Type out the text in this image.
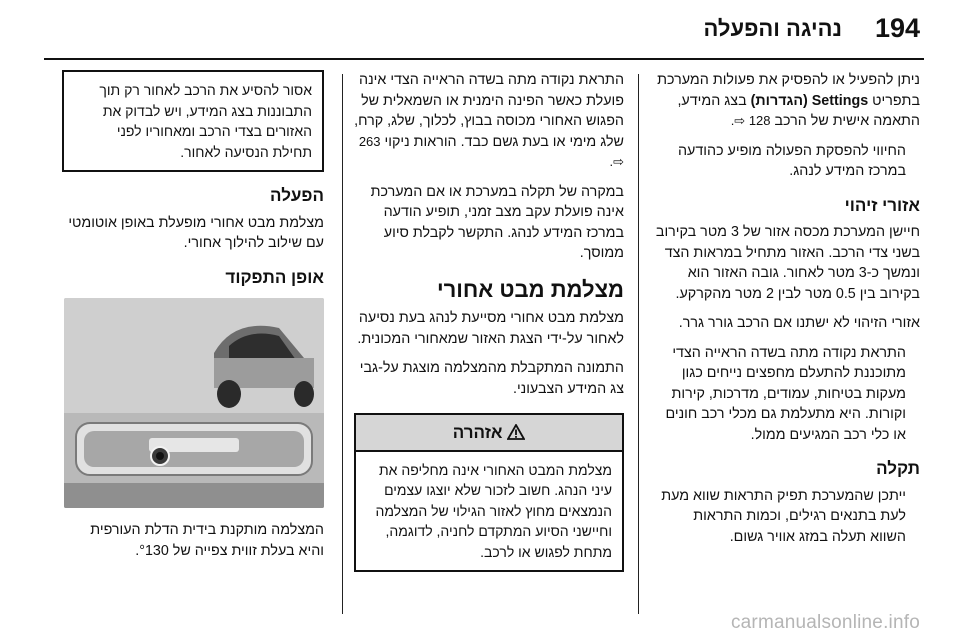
194
נהיגה והפעלה

ניתן להפעיל או להפסיק את פעולות המערכת בתפריט Settings (הגדרות) בצג המידע, התאמה אישית של הרכב 128 ⇨.

החיווי להפסקת הפעולה מופיע כהודעה במרכז המידע לנהג.

אזורי זיהוי

חיישן המערכת מכסה אזור של 3 מטר בקירוב בשני צדי הרכב. האזור מתחיל במראות הצד ונמשך כ-3 מטר לאחור. גובה האזור הוא בקירוב בין 0.5 מטר לבין 2 מטר מהקרקע.

אזורי הזיהוי לא ישתנו אם הרכב גורר גרר.

התראת נקודה מתה בשדה הראייה הצדי מתוכננת להתעלם מחפצים נייחים כגון מעקות בטיחות, עמודים, מדרכות, קירות וקורות. היא מתעלמת גם מכלי רכב חונים או כלי רכב המגיעים ממול.

תקלה

ייתכן שהמערכת תפיק התראות שווא מעת לעת בתנאים רגילים, וכמות התראות השווא תעלה במזג אוויר גשום.

התראת נקודה מתה בשדה הראייה הצדי אינה פועלת כאשר הפינה הימנית או השמאלית של הפגוש האחורי מכוסה בבוץ, לכלוך, שלג, קרח, שלג מימי או בעת גשם כבד. הוראות ניקוי 263 ⇨.

במקרה של תקלה במערכת או אם המערכת אינה פועלת עקב מצב זמני, תופיע הודעה במרכז המידע לנהג. התקשר לקבלת סיוע ממוסך.

מצלמת מבט אחורי

מצלמת מבט אחורי מסייעת לנהג בעת נסיעה לאחור על-ידי הצגת האזור שמאחורי המכונית.

התמונה המתקבלת מהמצלמה מוצגת על-גבי צג המידע הצבעוני.

אזהרה
מצלמת המבט האחורי אינה מחליפה את עיני הנהג. חשוב לזכור שלא יוצגו עצמים הנמצאים מחוץ לאזור הגילוי של המצלמה וחיישני הסיוע המתקדם לחניה, לדוגמה, מתחת לפגוש או לרכב.
אסור להסיע את הרכב לאחור רק תוך התבוננות בצג המידע, ויש לבדוק את האזורים בצדי הרכב ומאחוריו לפני תחילת הנסיעה לאחור.
הפעלה

מצלמת מבט אחורי מופעלת באופן אוטומטי עם שילוב להילוך אחורי.

אופן התפקוד

המצלמה מותקנת בידית הדלת העורפית והיא בעלת זווית צפייה של °130.

carmanualsonline.info
